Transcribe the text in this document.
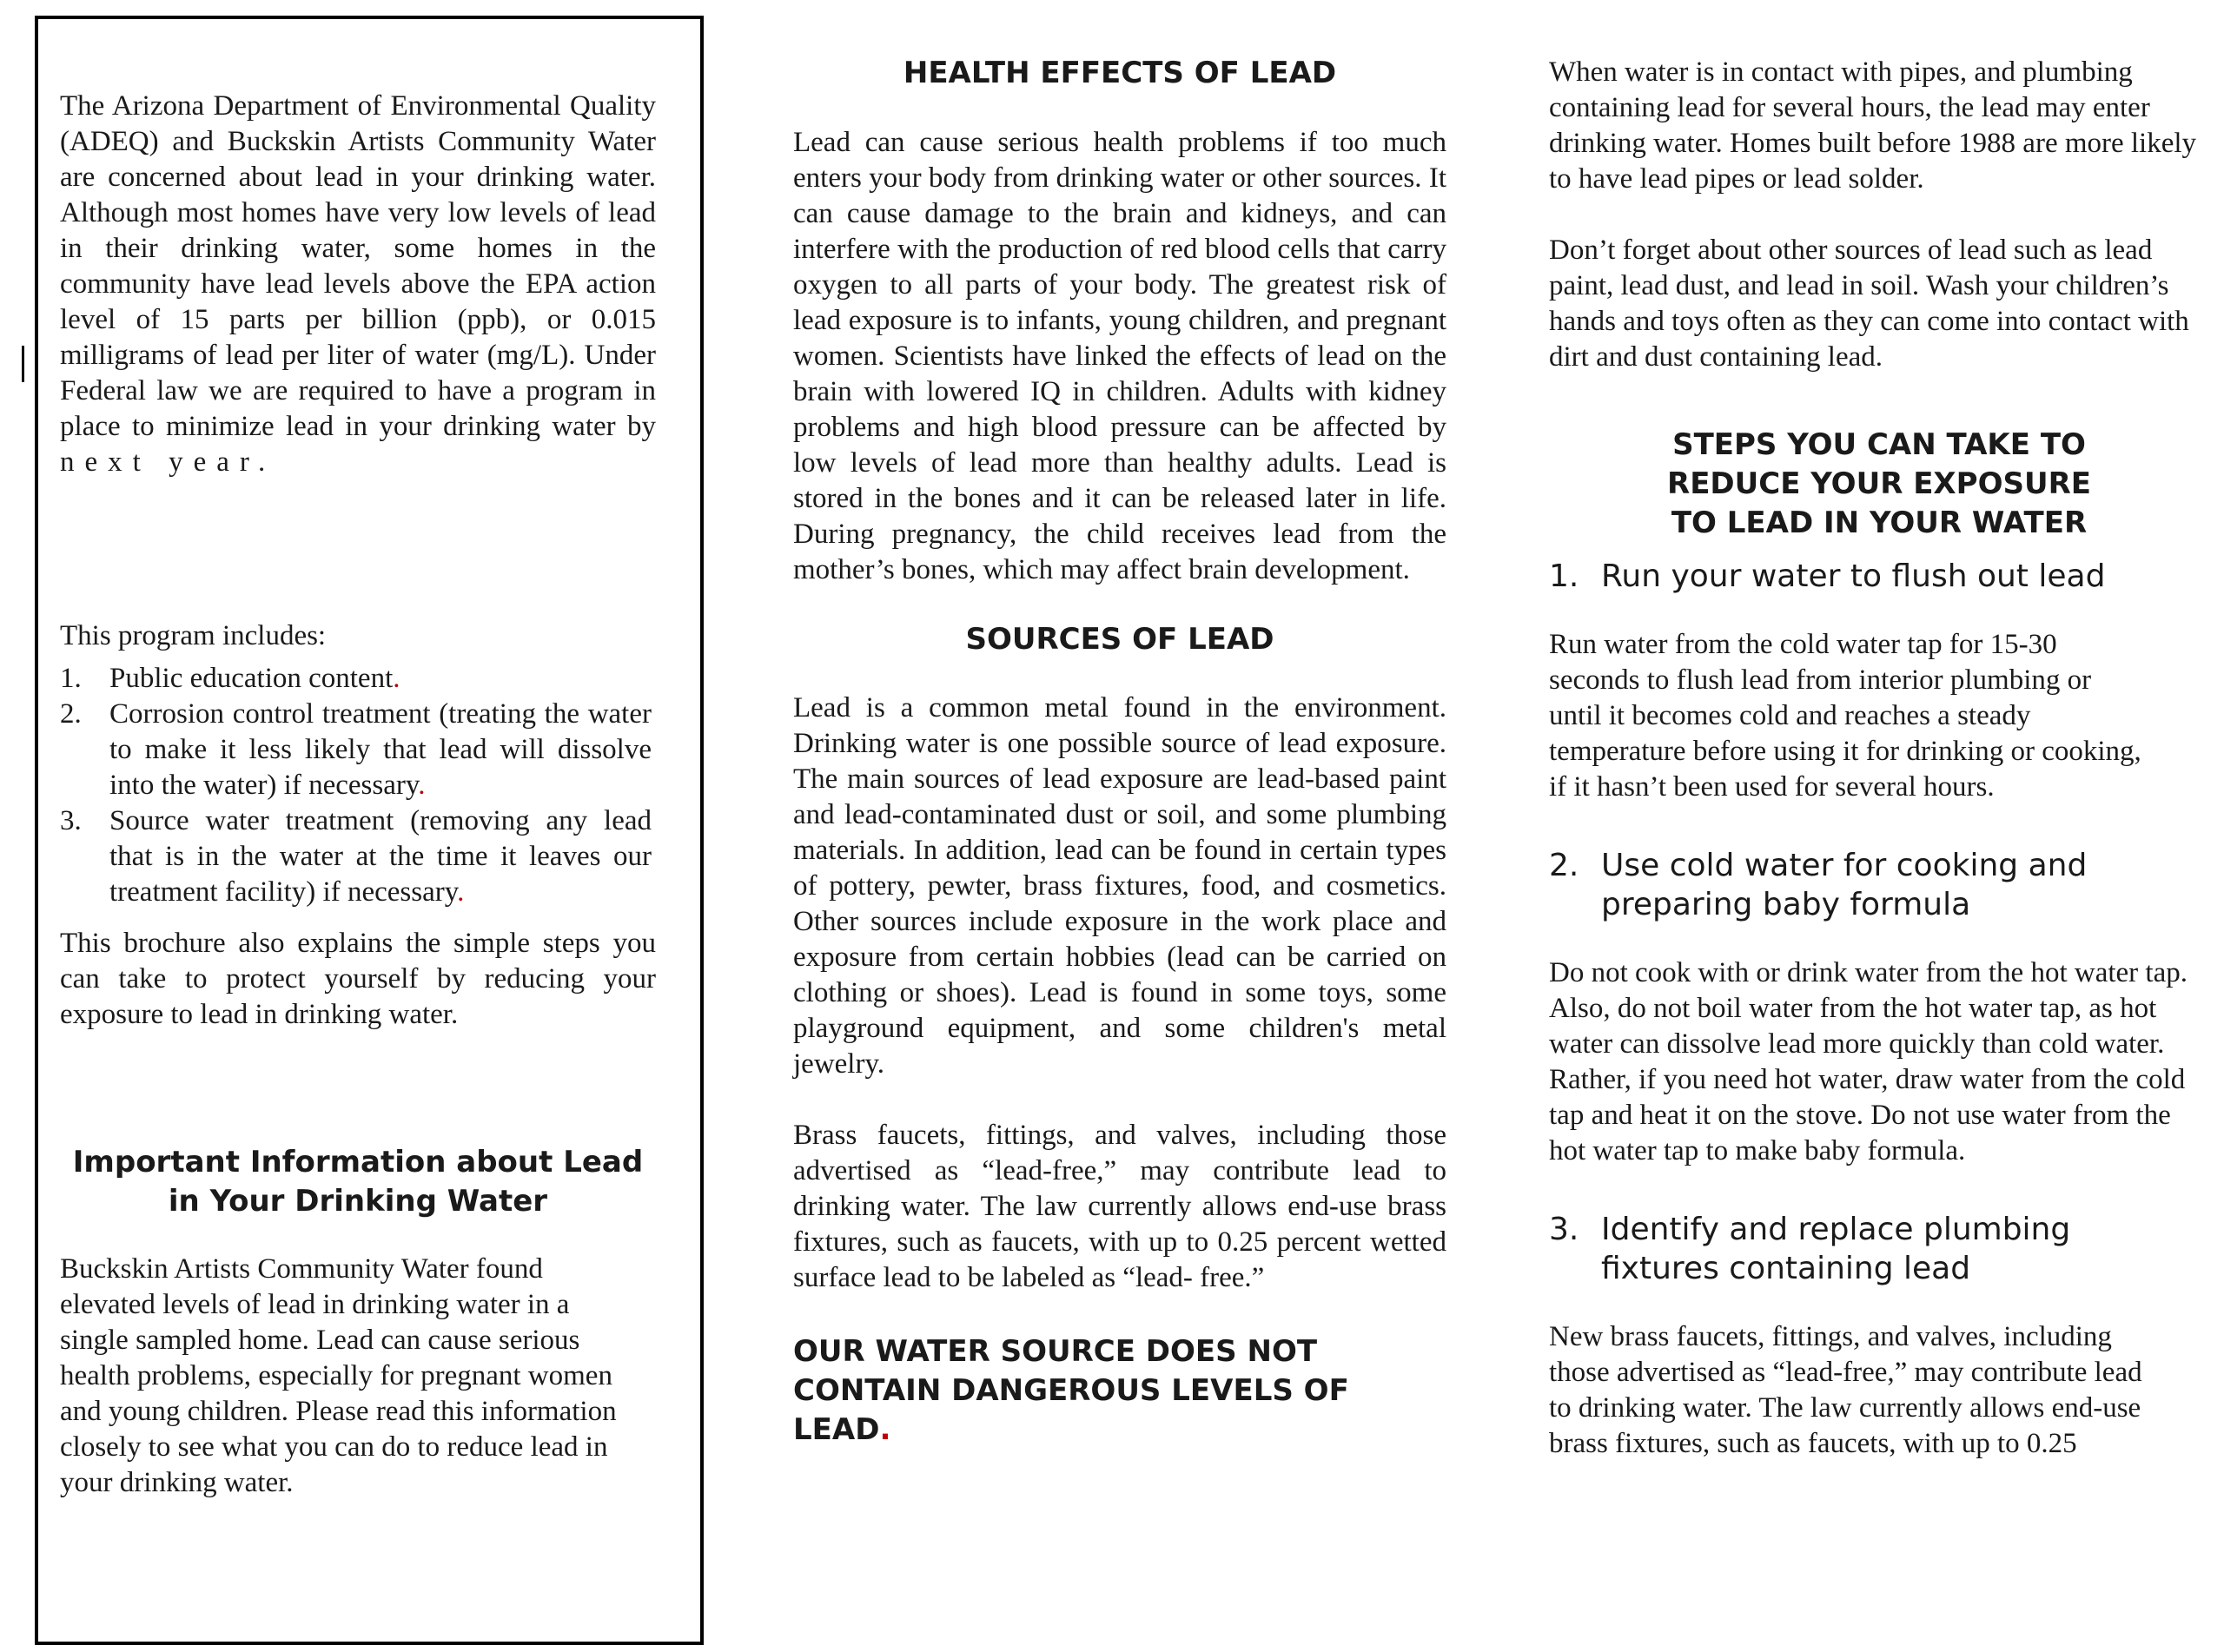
The Arizona Department of Environmental Quality (ADEQ) and Buckskin Artists Community Water are concerned about lead in your drinking water. Although most homes have very low levels of lead in their drinking water, some homes in the community have lead levels above the EPA action level of 15 parts per billion (ppb), or 0.015 milligrams of lead per liter of water (mg/L). Under Federal law we are required to have a program in place to minimize lead in your drinking water by next year.

This program includes:

1. Public education content.
2. Corrosion control treatment (treating the water to make it less likely that lead will dissolve into the water) if necessary.
3. Source water treatment (removing any lead that is in the water at the time it leaves our treatment facility) if necessary.

This brochure also explains the simple steps you can take to protect yourself by reducing your exposure to lead in drinking water.

Important Information about Lead in Your Drinking Water

Buckskin Artists Community Water found elevated levels of lead in drinking water in a single sampled home. Lead can cause serious health problems, especially for pregnant women and young children. Please read this information closely to see what you can do to reduce lead in your drinking water.

HEALTH EFFECTS OF LEAD

Lead can cause serious health problems if too much enters your body from drinking water or other sources. It can cause damage to the brain and kidneys, and can interfere with the production of red blood cells that carry oxygen to all parts of your body. The greatest risk of lead exposure is to infants, young children, and pregnant women. Scientists have linked the effects of lead on the brain with lowered IQ in children. Adults with kidney problems and high blood pressure can be affected by low levels of lead more than healthy adults. Lead is stored in the bones and it can be released later in life. During pregnancy, the child receives lead from the mother’s bones, which may affect brain development.

SOURCES OF LEAD

Lead is a common metal found in the environment. Drinking water is one possible source of lead exposure. The main sources of lead exposure are lead-based paint and lead-contaminated dust or soil, and some plumbing materials. In addition, lead can be found in certain types of pottery, pewter, brass fixtures, food, and cosmetics. Other sources include exposure in the work place and exposure from certain hobbies (lead can be carried on clothing or shoes). Lead is found in some toys, some playground equipment, and some children's metal jewelry.

Brass faucets, fittings, and valves, including those advertised as “lead-free,” may contribute lead to drinking water. The law currently allows end-use brass fixtures, such as faucets, with up to 0.25 percent wetted surface lead to be labeled as “lead- free.”

OUR WATER SOURCE DOES NOT CONTAIN DANGEROUS LEVELS OF LEAD.

When water is in contact with pipes, and plumbing containing lead for several hours, the lead may enter drinking water. Homes built before 1988 are more likely to have lead pipes or lead solder.

Don’t forget about other sources of lead such as lead paint, lead dust, and lead in soil. Wash your children’s hands and toys often as they can come into contact with dirt and dust containing lead.

STEPS YOU CAN TAKE TO REDUCE YOUR EXPOSURE TO LEAD IN YOUR WATER
1. Run your water to flush out lead

Run water from the cold water tap for 15-30 seconds to flush lead from interior plumbing or until it becomes cold and reaches a steady temperature before using it for drinking or cooking, if it hasn’t been used for several hours.

2. Use cold water for cooking and preparing baby formula

Do not cook with or drink water from the hot water tap. Also, do not boil water from the hot water tap, as hot water can dissolve lead more quickly than cold water. Rather, if you need hot water, draw water from the cold tap and heat it on the stove. Do not use water from the hot water tap to make baby formula.

3. Identify and replace plumbing fixtures containing lead

New brass faucets, fittings, and valves, including those advertised as “lead-free,” may contribute lead to drinking water. The law currently allows end-use brass fixtures, such as faucets, with up to 0.25
